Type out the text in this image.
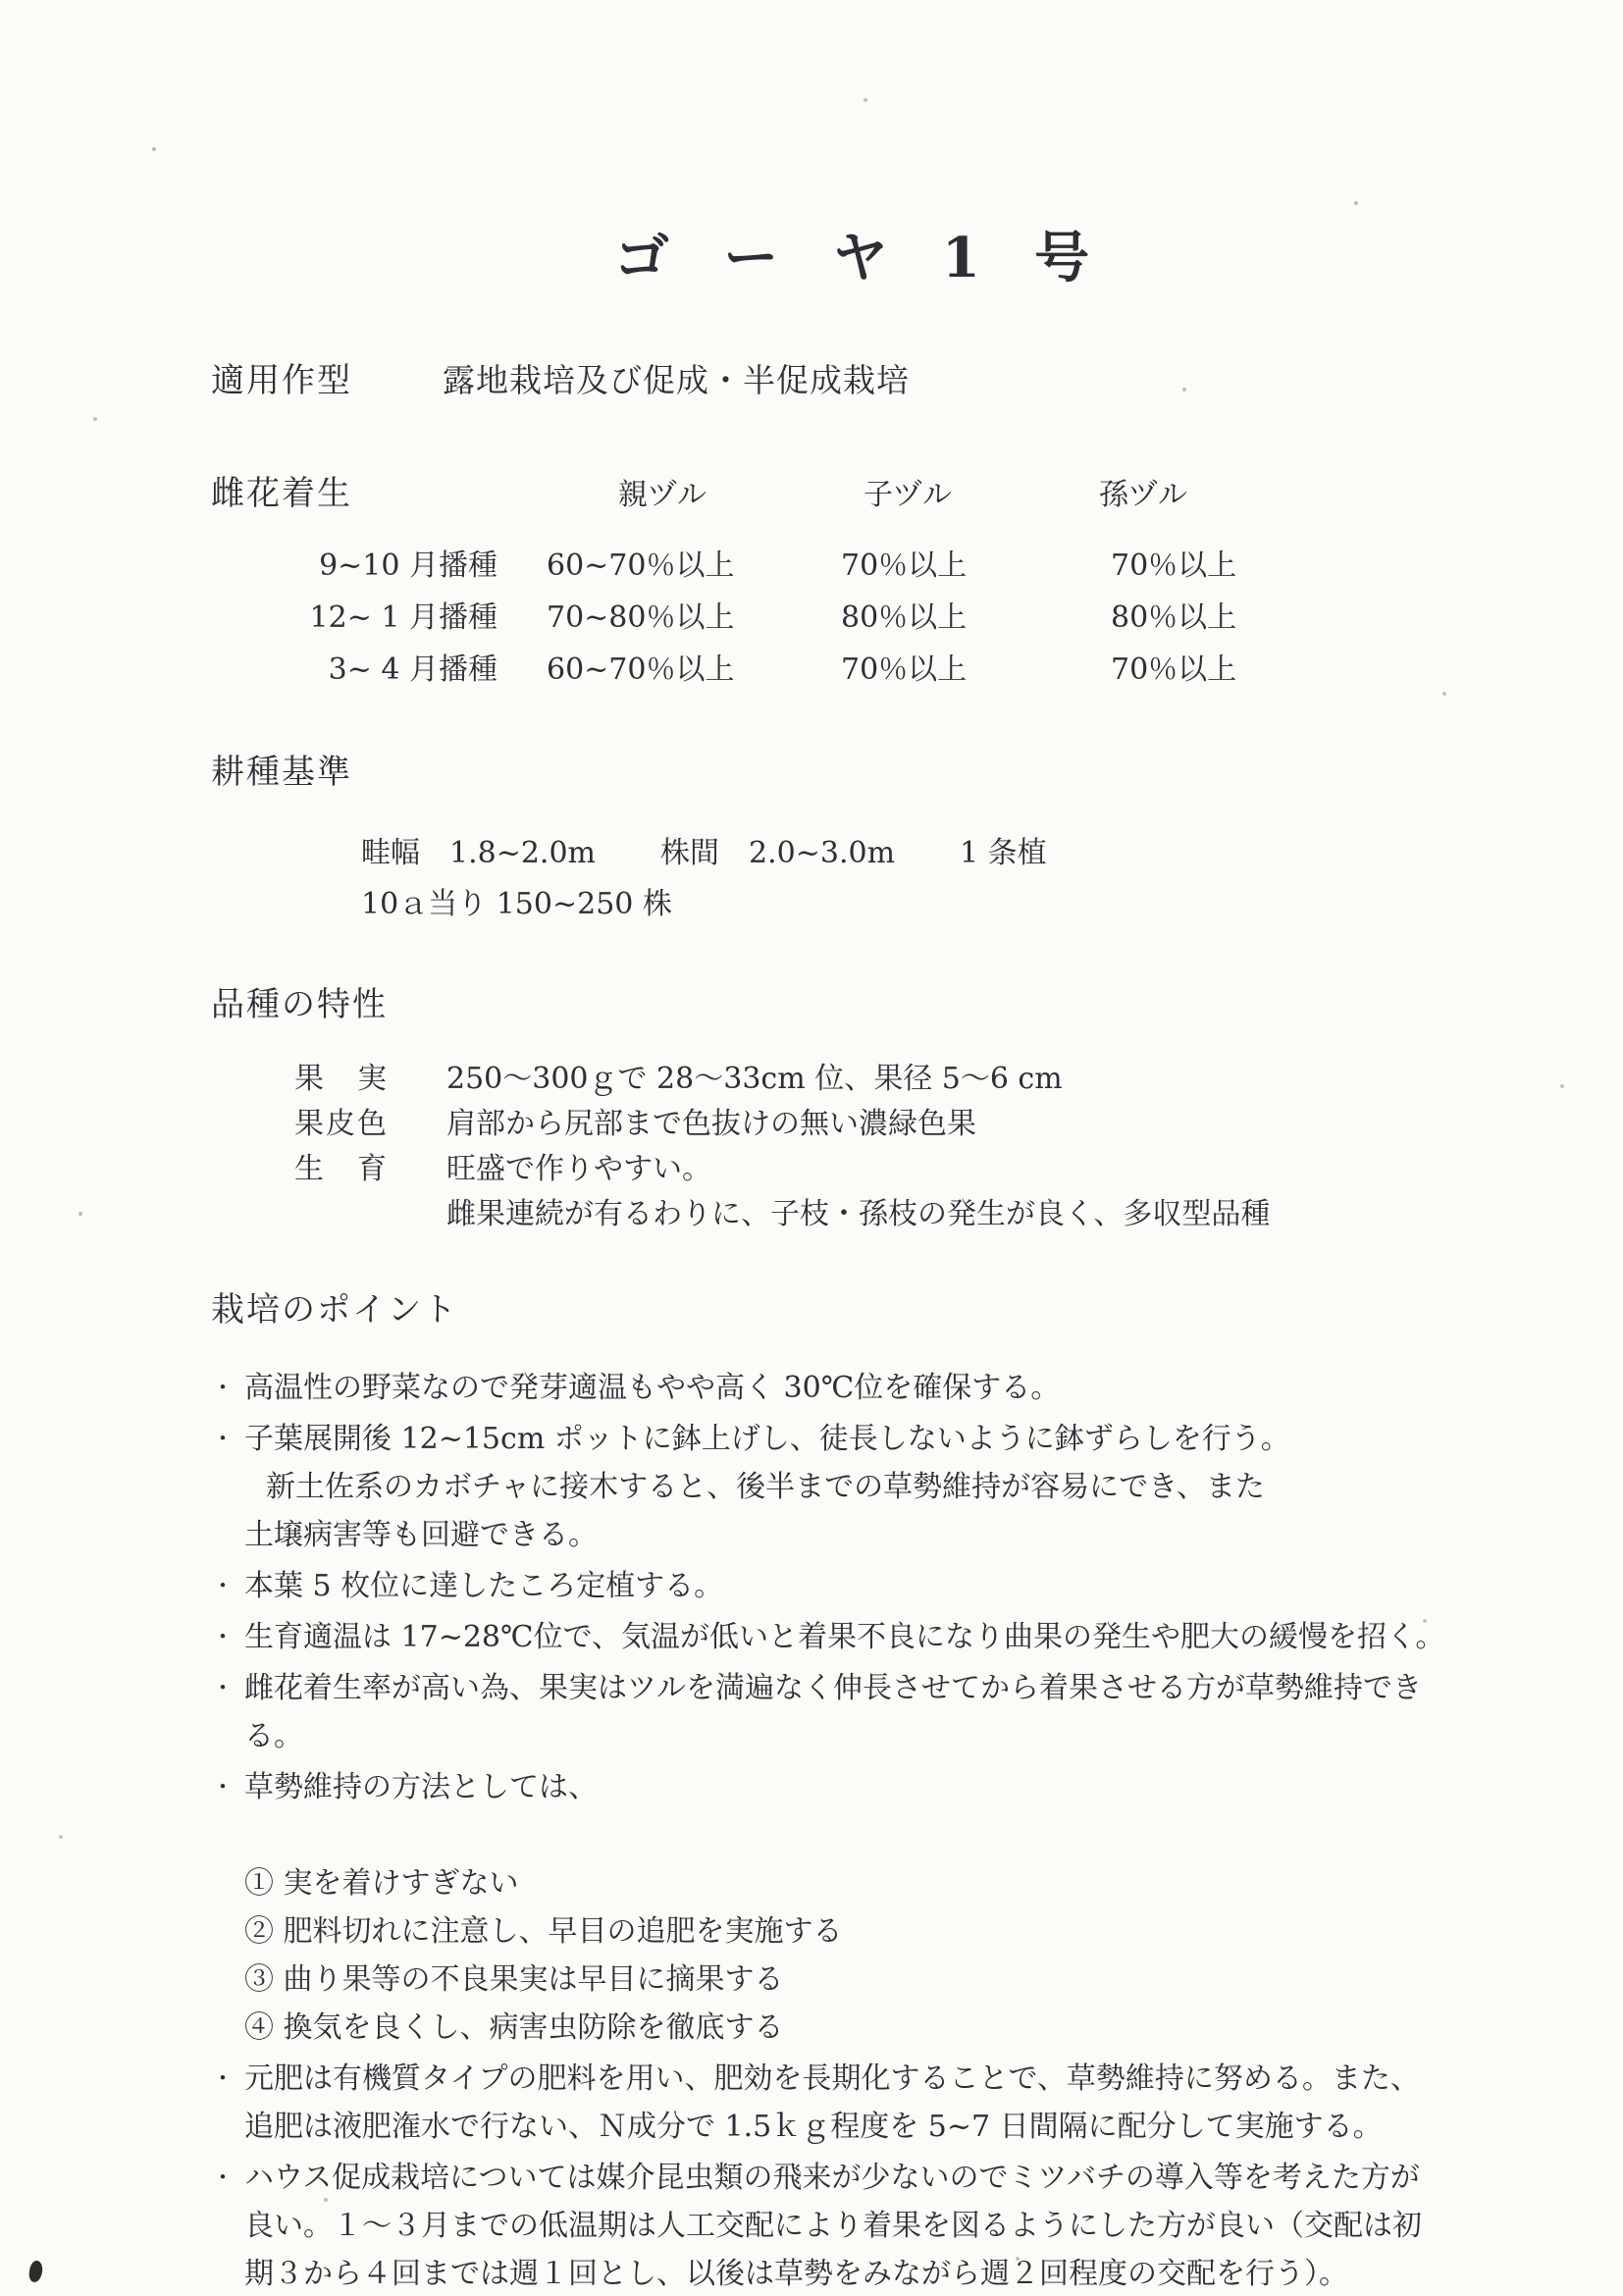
ゴ ー ヤ 1 号
適用作型	露地栽培及び促成・半促成栽培
雌花着生	親ヅル	子ヅル	孫ヅル
9~10 月播種 60~70％以上	70％以上	70％以上
12~ 1 月播種 70~80％以上	80％以上	80％以上
3~ 4 月播種 60~70％以上	70％以上	70％以上
耕種基準
畦幅　1.8~2.0m 株間　2.0~3.0m 1 条植
10ａ当り 150~250 株
品種の特性
果　実	250～300ｇで 28～33cm 位、果径 5～6 cm
果皮色	肩部から尻部まで色抜けの無い濃緑色果
生　育	旺盛で作りやすい。
雌果連続が有るわりに、子枝・孫枝の発生が良く、多収型品種
栽培のポイント
・ 高温性の野菜なので発芽適温もやや高く 30℃位を確保する。
・ 子葉展開後 12~15cm ポットに鉢上げし、徒長しないように鉢ずらしを行う。
新土佐系のカボチャに接木すると、後半までの草勢維持が容易にでき、また
土壌病害等も回避できる。
・ 本葉 5 枚位に達したころ定植する。
・ 生育適温は 17~28℃位で、気温が低いと着果不良になり曲果の発生や肥大の緩慢を招く。
・ 雌花着生率が高い為、果実はツルを満遍なく伸長させてから着果させる方が草勢維持でき
る。
・ 草勢維持の方法としては、
① 実を着けすぎない
② 肥料切れに注意し、早目の追肥を実施する
③ 曲り果等の不良果実は早目に摘果する
④ 換気を良くし、病害虫防除を徹底する
・ 元肥は有機質タイプの肥料を用い、肥効を長期化することで、草勢維持に努める。また、
追肥は液肥潅水で行ない、Ｎ成分で 1.5ｋｇ程度を 5~7 日間隔に配分して実施する。
・ ハウス促成栽培については媒介昆虫類の飛来が少ないのでミツバチの導入等を考えた方が
良い。１～３月までの低温期は人工交配により着果を図るようにした方が良い（交配は初
期３から４回までは週１回とし、以後は草勢をみながら週２回程度の交配を行う）。
